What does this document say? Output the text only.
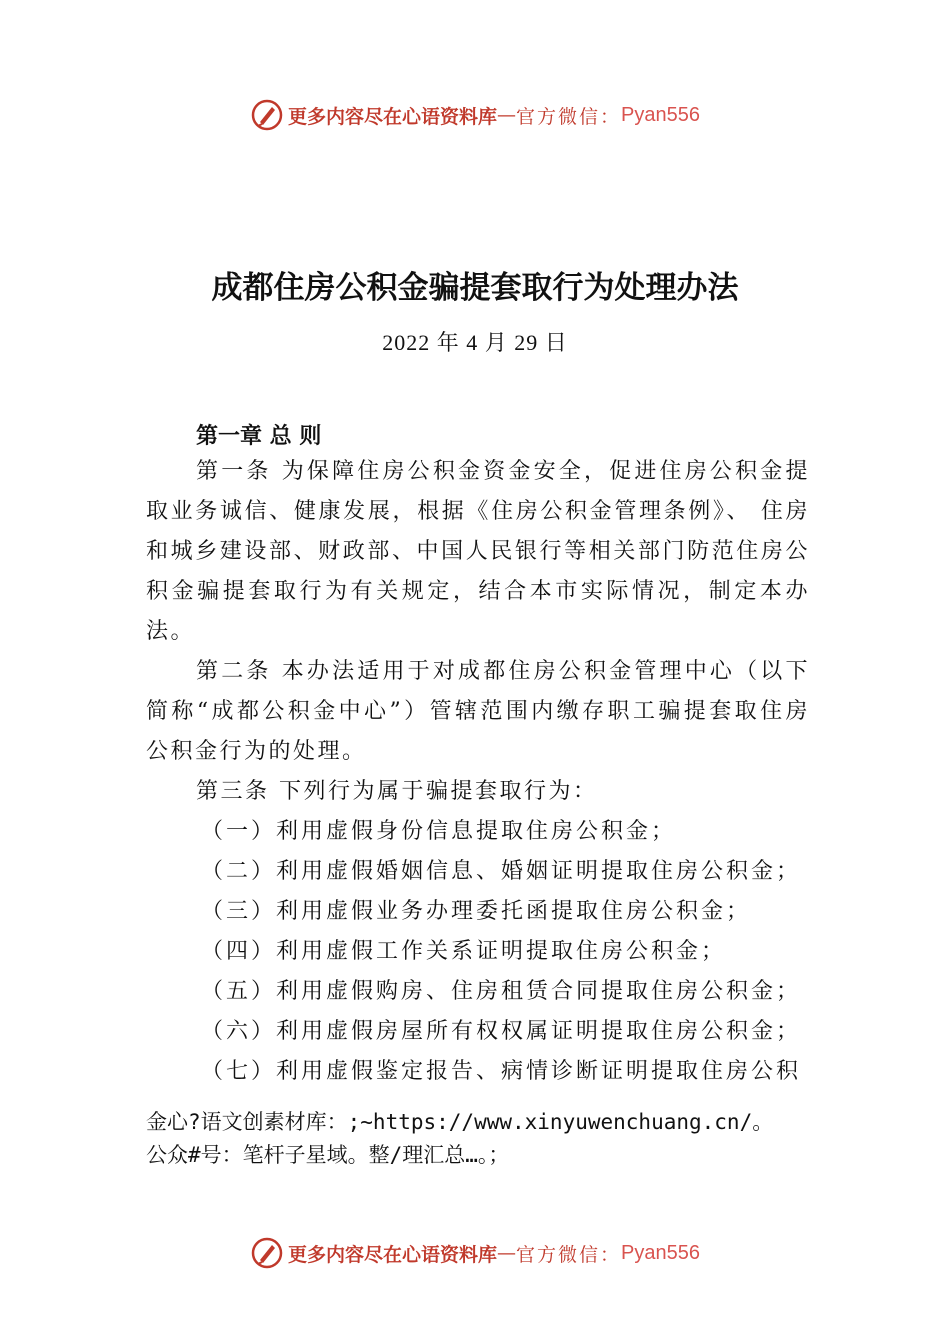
更多内容尽在心语资料库 — 官方微信： Pyan556
成都住房公积金骗提套取行为处理办法
2022 年 4 月 29 日
第一章 总 则

第一条 为保障住房公积金资金安全，促进住房公积金提取业务诚信、健康发展，根据《住房公积金管理条例》、 住房和城乡建设部、财政部、中国人民银行等相关部门防范住房公积金骗提套取行为有关规定，结合本市实际情况，制定本办法。

第二条 本办法适用于对成都住房公积金管理中心（以下简称“成都公积金中心”）管辖范围内缴存职工骗提套取住房公积金行为的处理。

第三条 下列行为属于骗提套取行为：

（一）利用虚假身份信息提取住房公积金；

（二）利用虚假婚姻信息、婚姻证明提取住房公积金；

（三）利用虚假业务办理委托函提取住房公积金；

（四）利用虚假工作关系证明提取住房公积金；

（五）利用虚假购房、住房租赁合同提取住房公积金；

（六）利用虚假房屋所有权权属证明提取住房公积金；

（七）利用虚假鉴定报告、病情诊断证明提取住房公积

金心?语文创素材库：;~https://www.xinyuwenchuang.cn/。
公众#号：笔杆子星域。整/理汇总…。；
更多内容尽在心语资料库 — 官方微信： Pyan556
